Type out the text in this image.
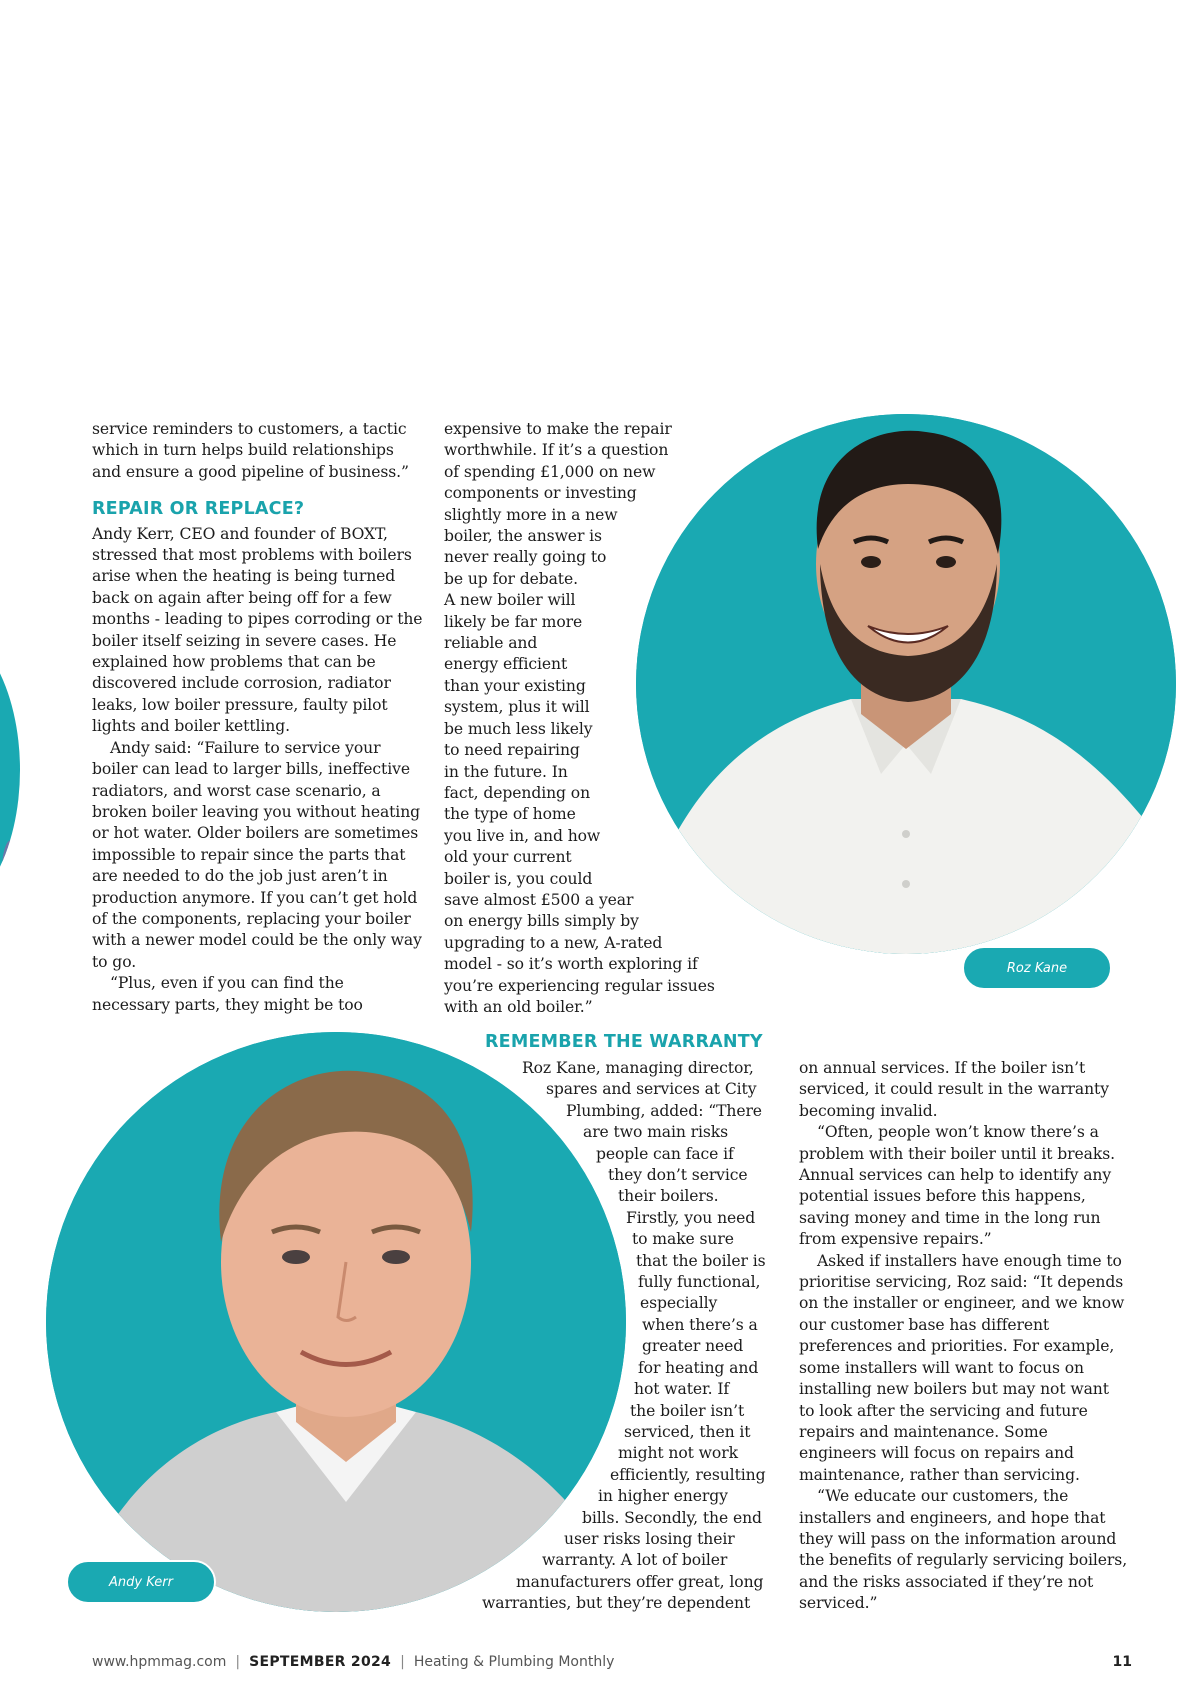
Roz Kane
Andy Kerr

service reminders to customers, a tactic which in turn helps build relationships and ensure a good pipeline of business.”

REPAIR OR REPLACE?

Andy Kerr, CEO and founder of BOXT, stressed that most problems with boilers arise when the heating is being turned back on again after being off for a few months - leading to pipes corroding or the boiler itself seizing in severe cases. He explained how problems that can be discovered include corrosion, radiator leaks, low boiler pressure, faulty pilot lights and boiler kettling.

Andy said: “Failure to service your boiler can lead to larger bills, ineffective radiators, and worst case scenario, a broken boiler leaving you without heating or hot water. Older boilers are sometimes impossible to repair since the parts that are needed to do the job just aren’t in production anymore. If you can’t get hold of the components, replacing your boiler with a newer model could be the only way to go.

“Plus, even if you can find the necessary parts, they might be too

expensive to make the repair
worthwhile. If it’s a question
of spending £1,000 on new
components or investing
slightly more in a new
boiler, the answer is
never really going to
be up for debate.
A new boiler will
likely be far more
reliable and
energy efficient
than your existing
system, plus it will
be much less likely
to need repairing
in the future. In
fact, depending on
the type of home
you live in, and how
old your current
boiler is, you could
save almost £500 a year
on energy bills simply by
upgrading to a new, A-rated
model - so it’s worth exploring if
you’re experiencing regular issues
with an old boiler.”
REMEMBER THE WARRANTY
Roz Kane, managing director,
spares and services at City
Plumbing, added: “There
are two main risks
people can face if
they don’t service
their boilers.
Firstly, you need
to make sure
that the boiler is
fully functional,
especially
when there’s a
greater need
for heating and
hot water. If
the boiler isn’t
serviced, then it
might not work
efficiently, resulting
in higher energy
bills. Secondly, the end
user risks losing their
warranty. A lot of boiler
manufacturers offer great, long
warranties, but they’re dependent

on annual services. If the boiler isn’t serviced, it could result in the warranty becoming invalid.

“Often, people won’t know there’s a problem with their boiler until it breaks. Annual services can help to identify any potential issues before this happens, saving money and time in the long run from expensive repairs.”

Asked if installers have enough time to prioritise servicing, Roz said: “It depends on the installer or engineer, and we know our customer base has different preferences and priorities. For example, some installers will want to focus on installing new boilers but may not want to look after the servicing and future repairs and maintenance. Some engineers will focus on repairs and maintenance, rather than servicing.

“We educate our customers, the installers and engineers, and hope that they will pass on the information around the benefits of regularly servicing boilers, and the risks associated if they’re not serviced.”

www.hpmmag.com | SEPTEMBER 2024 | Heating & Plumbing Monthly	11
